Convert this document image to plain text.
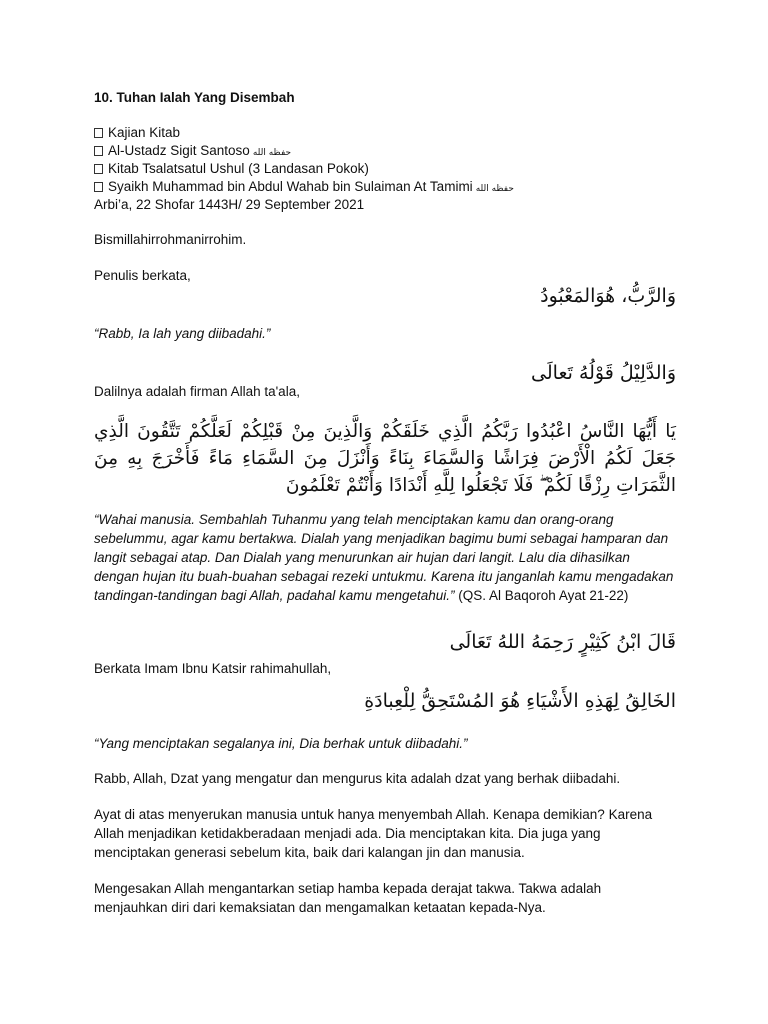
10. Tuhan Ialah Yang Disembah
Kajian Kitab
Al-Ustadz Sigit Santoso حفظه الله
Kitab Tsalatsatul Ushul (3 Landasan Pokok)
Syaikh Muhammad bin Abdul Wahab bin Sulaiman At Tamimi حفظه الله
Arbi’a, 22 Shofar 1443H/ 29 September 2021
Bismillahirrohmanirrohim.
Penulis berkata,
وَالرَّبُّ، هُوَالمَعْبُودُ
“Rabb, Ia lah yang diibadahi.”
وَالدَّلِيْلُ قَوْلُهُ تَعالَى
Dalilnya adalah firman Allah ta'ala,
يَا أَيُّهَا النَّاسُ اعْبُدُوا رَبَّكُمُ الَّذِي خَلَقَكُمْ وَالَّذِينَ مِنْ قَبْلِكُمْ لَعَلَّكُمْ تَتَّقُونَ الَّذِي جَعَلَ لَكُمُ الْأَرْضَ فِرَاشًا وَالسَّمَاءَ بِنَاءً وَأَنْزَلَ مِنَ السَّمَاءِ مَاءً فَأَخْرَجَ بِهِ مِنَ الثَّمَرَاتِ رِزْقًا لَكُمْ ۖ فَلَا تَجْعَلُوا لِلَّهِ أَنْدَادًا وَأَنْتُمْ تَعْلَمُونَ
“Wahai manusia. Sembahlah Tuhanmu yang telah menciptakan kamu dan orang-orang sebelummu, agar kamu bertakwa. Dialah yang menjadikan bagimu bumi sebagai hamparan dan langit sebagai atap. Dan Dialah yang menurunkan air hujan dari langit. Lalu dia dihasilkan dengan hujan itu buah-buahan sebagai rezeki untukmu. Karena itu janganlah kamu mengadakan tandingan-tandingan bagi Allah, padahal kamu mengetahui.” (QS. Al Baqoroh Ayat 21-22)
قَالَ ابْنُ كَثِيْرٍ رَحِمَهُ اللهُ تَعَالَى
Berkata Imam Ibnu Katsir rahimahullah,
الخَالِقُ لِهَذِهِ الأَشْيَاءِ هُوَ المُسْتَحِقُّ لِلْعِبادَةِ
“Yang menciptakan segalanya ini, Dia berhak untuk diibadahi.”
Rabb, Allah, Dzat yang mengatur dan mengurus kita adalah dzat yang berhak diibadahi.
Ayat di atas menyerukan manusia untuk hanya menyembah Allah. Kenapa demikian? Karena Allah menjadikan ketidakberadaan menjadi ada. Dia menciptakan kita. Dia juga yang menciptakan generasi sebelum kita, baik dari kalangan jin dan manusia.
Mengesakan Allah mengantarkan setiap hamba kepada derajat takwa. Takwa adalah menjauhkan diri dari kemaksiatan dan mengamalkan ketaatan kepada-Nya.
